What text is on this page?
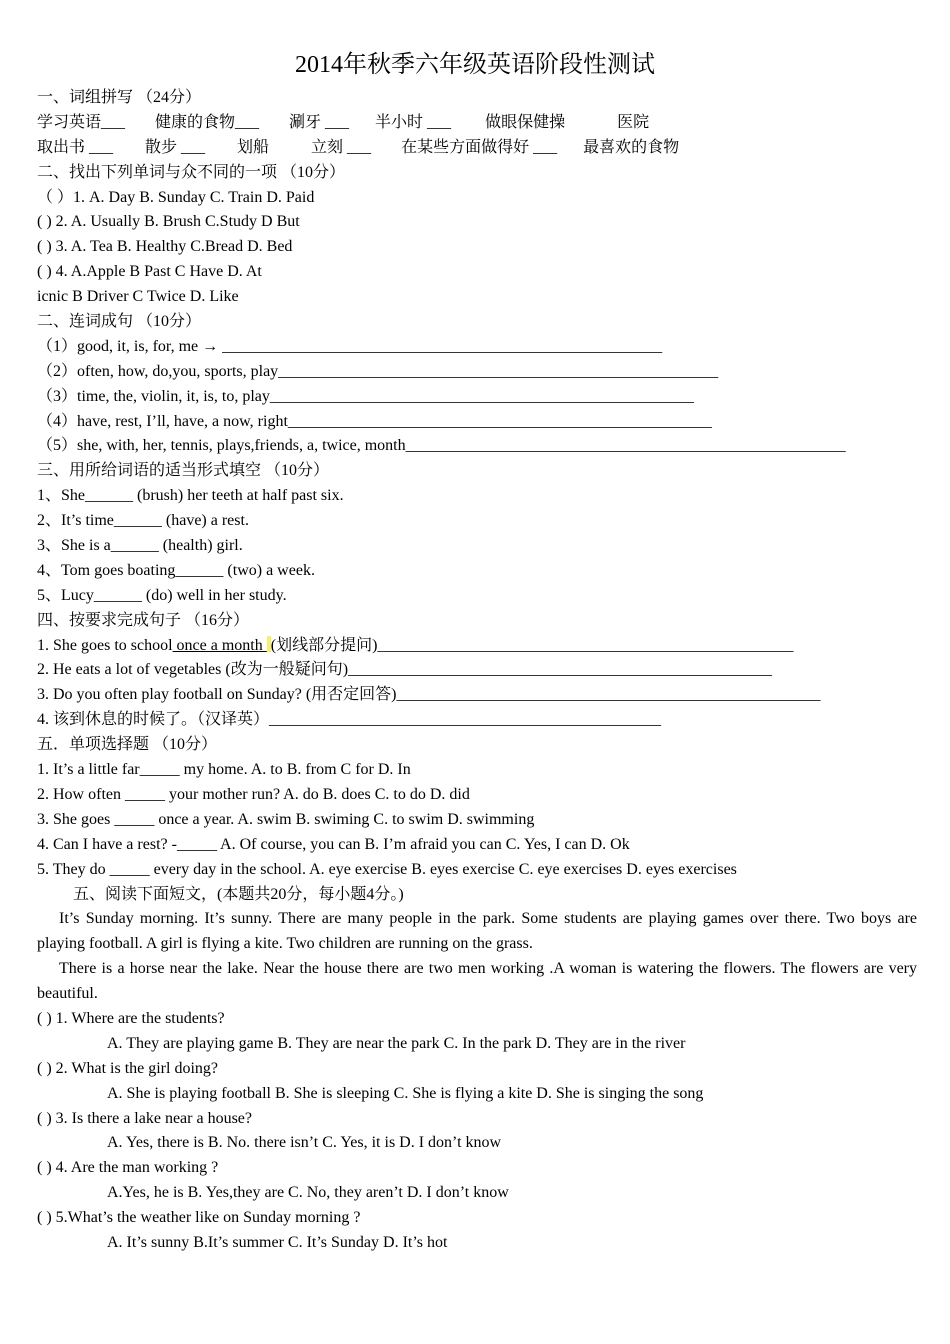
2014年秋季六年级英语阶段性测试
一、词组拼写 （24分）
学习英语___ 健康的食物___ 涮牙 ___ 半小时 ___ 做眼保健操	医院
取出书 ___ 散步 ___ 划船	立刻 ___ 在某些方面做得好 ___ 最喜欢的食物
二、找出下列单词与众不同的一项 （10分）
（ ）1. A. Day B. Sunday C. Train D. Paid
( ) 2. A. Usually B. Brush C.Study D But
( ) 3. A. Tea B. Healthy C.Bread D. Bed
( ) 4. A.Apple B Past C Have D. At
icnic B Driver C Twice D. Like
二、连词成句 （10分）
（1）good, it, is, for, me → _______________________________________________________
（2）often, how, do,you, sports, play_______________________________________________________
（3）time, the, violin, it, is, to, play_____________________________________________________
（4）have, rest, I’ll, have, a now, right_____________________________________________________
（5）she, with, her, tennis, plays,friends, a, twice, month_______________________________________________________
三、用所给词语的适当形式填空 （10分）
1、She______ (brush) her teeth at half past six.
2、It’s time______ (have) a rest.
3、She is a______ (health) girl.
4、Tom goes boating______ (two) a week.
5、Lucy______ (do) well in her study.
四、按要求完成句子 （16分）
1. She goes to school once a month (划线部分提问)____________________________________________________
2. He eats a lot of vegetables (改为一般疑问句)_____________________________________________________
3. Do you often play football on Sunday? (用否定回答)_____________________________________________________
4. 该到休息的时候了。（汉译英）_________________________________________________
五．单项选择题 （10分）
1. It’s a little far_____ my home. A. to B. from C for D. In
2. How often _____ your mother run? A. do B. does C. to do D. did
3. She goes _____ once a year. A. swim B. swiming C. to swim D. swimming
4. Can I have a rest? -_____ A. Of course, you can B. I’m afraid you can C. Yes, I can D. Ok
5. They do _____ every day in the school. A. eye exercise B. eyes exercise C. eye exercises D. eyes exercises
五、阅读下面短文，(本题共20分，每小题4分。)
It’s Sunday morning. It’s sunny. There are many people in the park. Some students are playing games over there. Two boys are playing football. A girl is flying a kite. Two children are running on the grass.
There is a horse near the lake. Near the house there are two men working .A woman is watering the flowers. The flowers are very beautiful.
( ) 1. Where are the students?
A. They are playing game B. They are near the park C. In the park D. They are in the river
( ) 2. What is the girl doing?
A. She is playing football B. She is sleeping C. She is flying a kite D. She is singing the song
( ) 3. Is there a lake near a house?
A. Yes, there is B. No. there isn’t C. Yes, it is D. I don’t know
( ) 4. Are the man working ?
A.Yes, he is B. Yes,they are C. No, they aren’t D. I don’t know
( ) 5.What’s the weather like on Sunday morning ?
A. It’s sunny B.It’s summer C. It’s Sunday D. It’s hot
